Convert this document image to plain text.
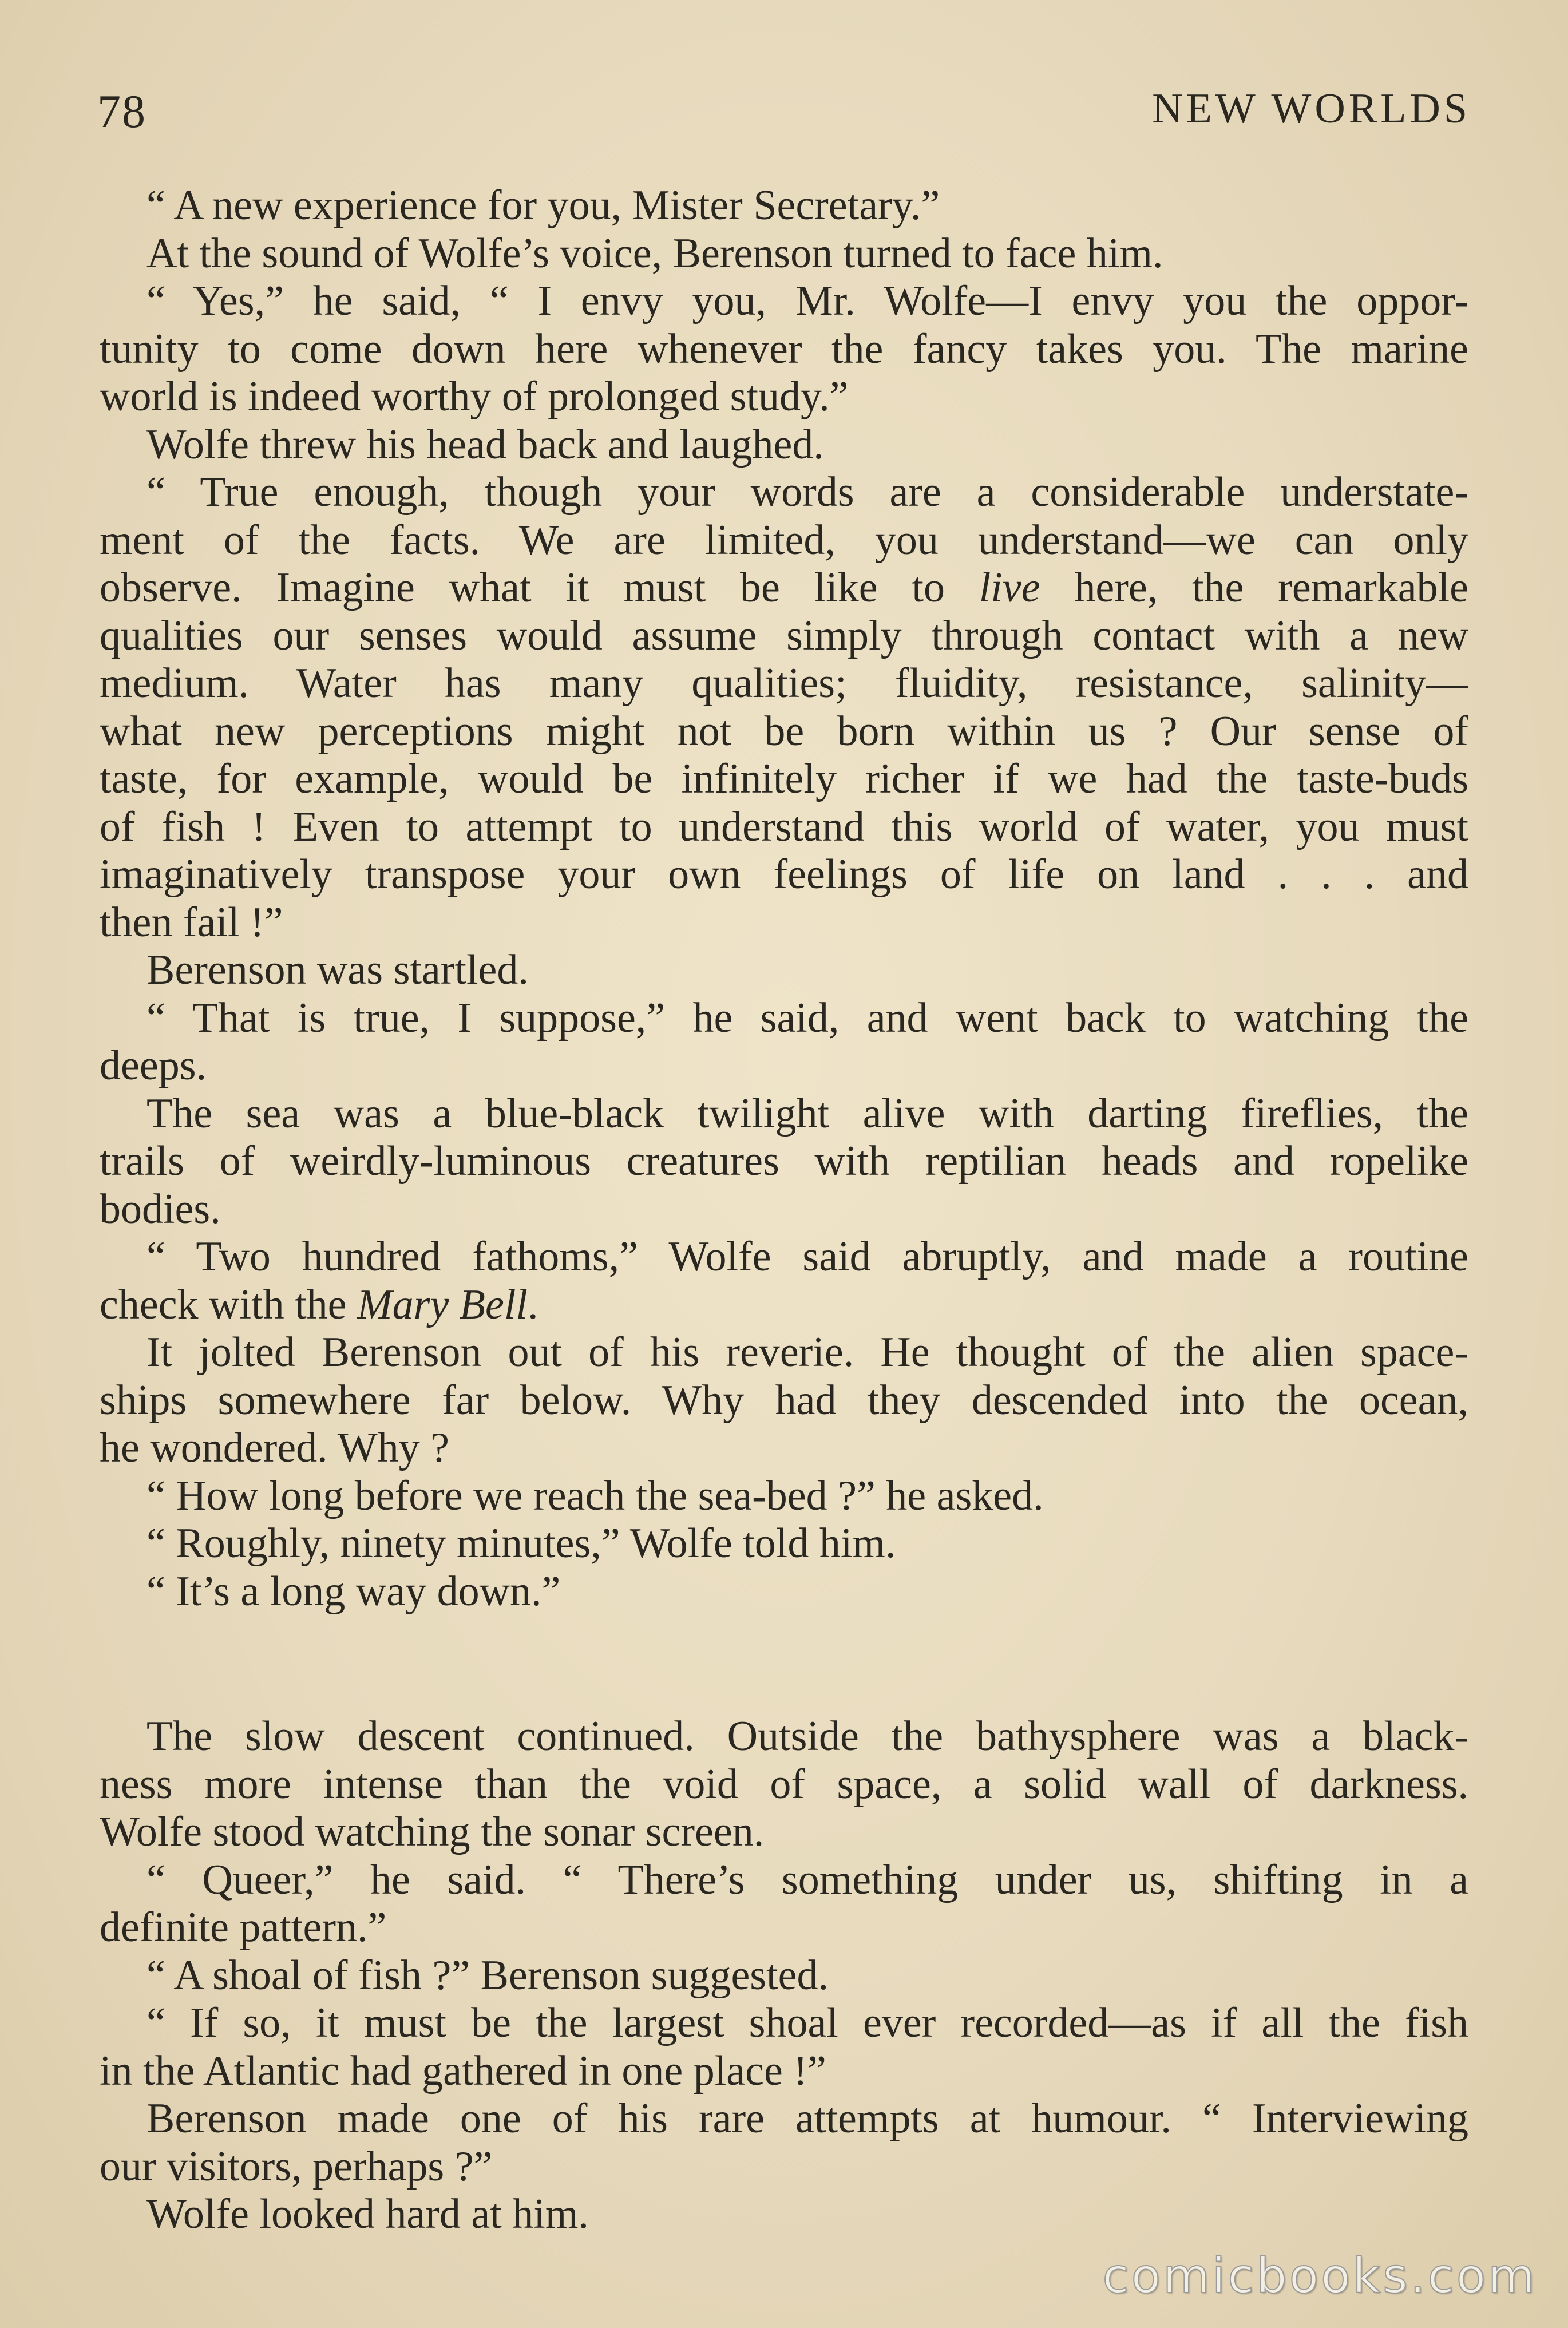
78	NEW WORLDS
“ A new experience for you, Mister Secretary.”
At the sound of Wolfe’s voice, Berenson turned to face him.
“ Yes,” he said, “ I envy you, Mr. Wolfe—I envy you the oppor-
tunity to come down here whenever the fancy takes you. The marine
world is indeed worthy of prolonged study.”
Wolfe threw his head back and laughed.
“ True enough, though your words are a considerable understate-
ment of the facts. We are limited, you understand—we can only
observe. Imagine what it must be like to live here, the remarkable
qualities our senses would assume simply through contact with a new
medium. Water has many qualities; fluidity, resistance, salinity—
what new perceptions might not be born within us ? Our sense of
taste, for example, would be infinitely richer if we had the taste-buds
of fish ! Even to attempt to understand this world of water, you must
imaginatively transpose your own feelings of life on land . . . and
then fail !”
Berenson was startled.
“ That is true, I suppose,” he said, and went back to watching the
deeps.
The sea was a blue-black twilight alive with darting fireflies, the
trails of weirdly-luminous creatures with reptilian heads and ropelike
bodies.
“ Two hundred fathoms,” Wolfe said abruptly, and made a routine
check with the Mary Bell.
It jolted Berenson out of his reverie. He thought of the alien space-
ships somewhere far below. Why had they descended into the ocean,
he wondered. Why ?
“ How long before we reach the sea-bed ?” he asked.
“ Roughly, ninety minutes,” Wolfe told him.
“ It’s a long way down.”
The slow descent continued. Outside the bathysphere was a black-
ness more intense than the void of space, a solid wall of darkness.
Wolfe stood watching the sonar screen.
“ Queer,” he said. “ There’s something under us, shifting in a
definite pattern.”
“ A shoal of fish ?” Berenson suggested.
“ If so, it must be the largest shoal ever recorded—as if all the fish
in the Atlantic had gathered in one place !”
Berenson made one of his rare attempts at humour. “ Interviewing
our visitors, perhaps ?”
Wolfe looked hard at him.
comicbooks.com
